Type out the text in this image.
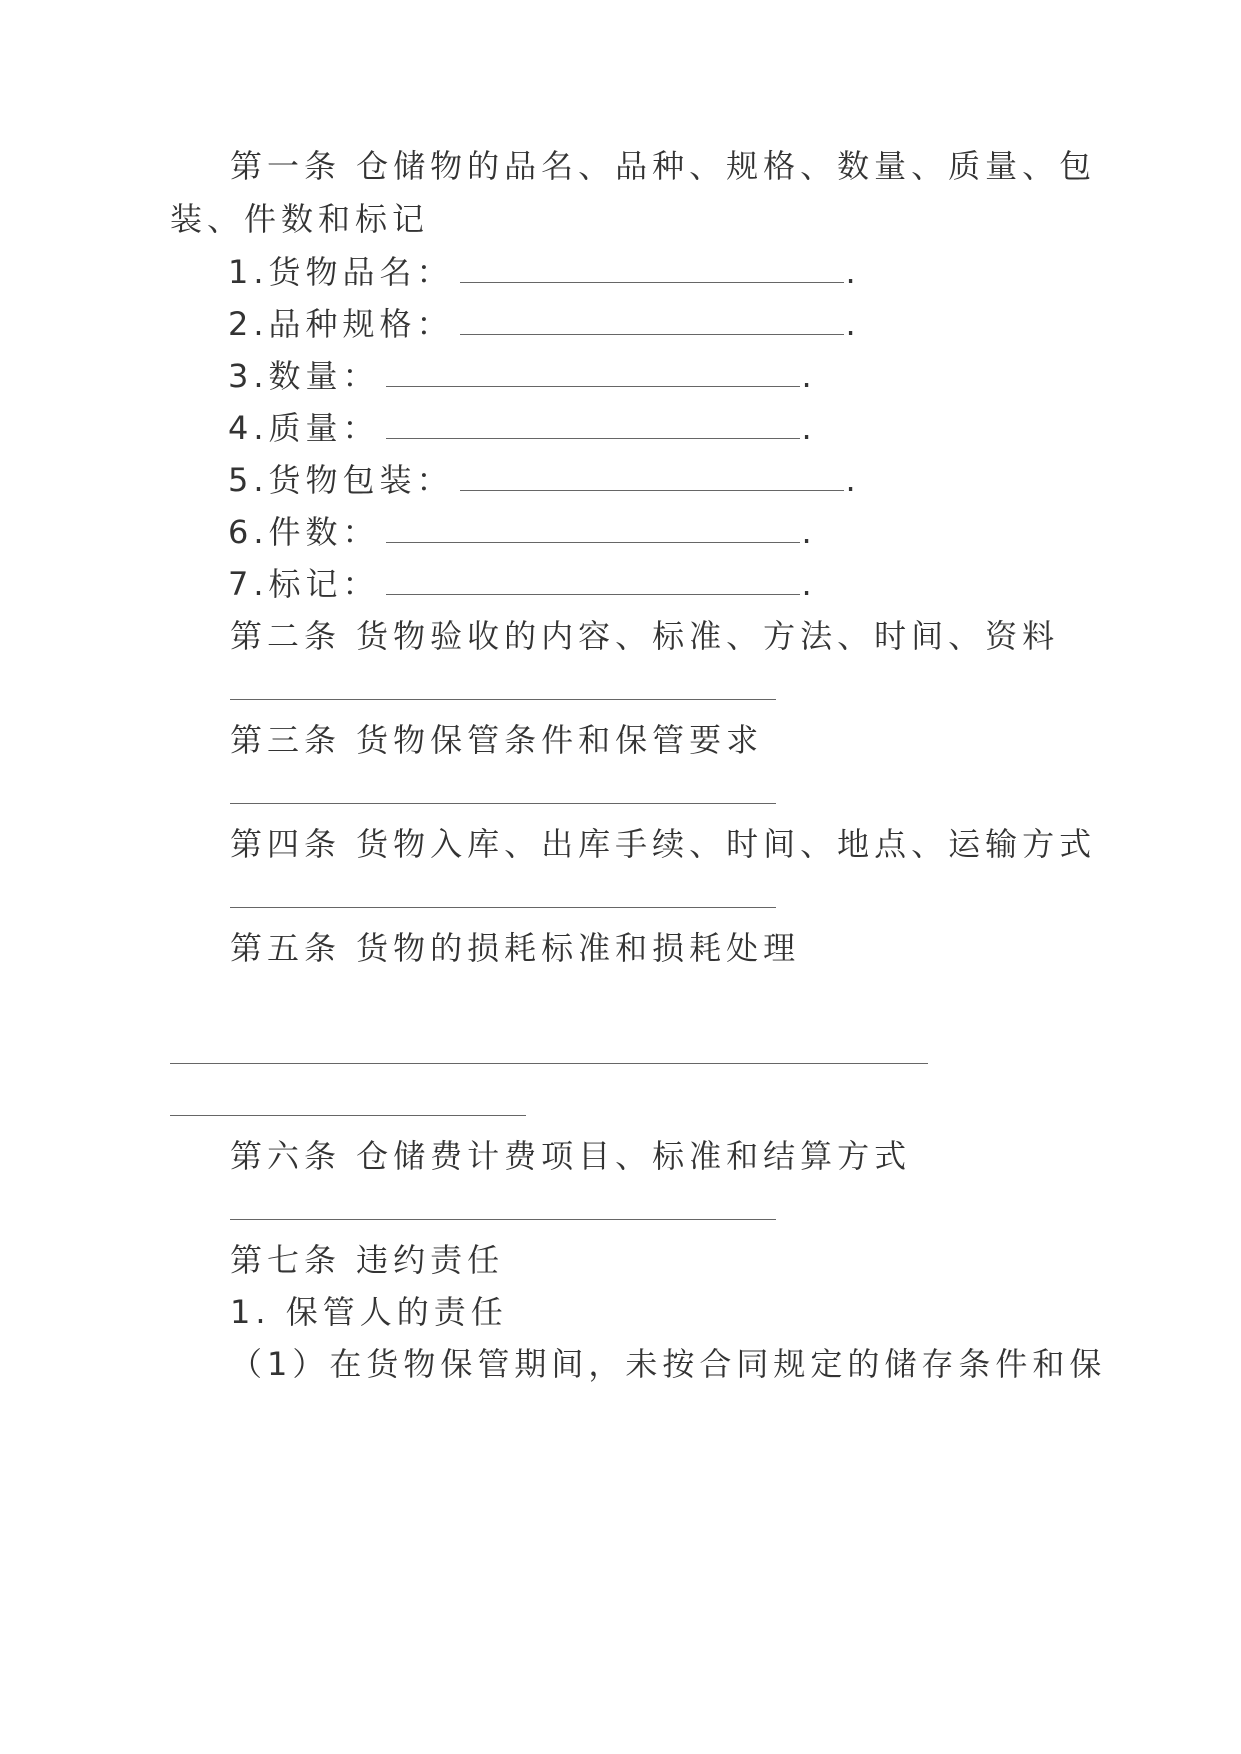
第一条 仓储物的品名、品种、规格、数量、质量、包
装、件数和标记
1.货物品名：	.
2.品种规格：	.
3.数量：	.
4.质量：	.
5.货物包装：	.
6.件数：	.
7.标记：	.
第二条 货物验收的内容、标准、方法、时间、资料
第三条 货物保管条件和保管要求
第四条 货物入库、出库手续、时间、地点、运输方式
第五条 货物的损耗标准和损耗处理
第六条 仓储费计费项目、标准和结算方式
第七条 违约责任
1. 保管人的责任
（1）在货物保管期间，未按合同规定的储存条件和保
